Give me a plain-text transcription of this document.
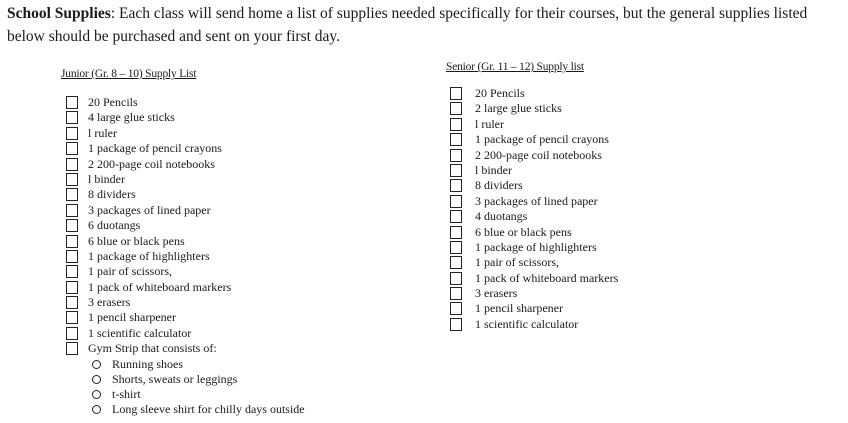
School Supplies: Each class will send home a list of supplies needed specifically for their courses, but the general supplies listed below should be purchased and sent on your first day.

Junior (Gr. 8 – 10) Supply List
20 Pencils
4 large glue sticks
l ruler
1 package of pencil crayons
2 200-page coil notebooks
l binder
8 dividers
3 packages of lined paper
6 duotangs
6 blue or black pens
1 package of highlighters
1 pair of scissors,
1 pack of whiteboard markers
3 erasers
1 pencil sharpener
1 scientific calculator
Gym Strip that consists of:
Running shoes
Shorts, sweats or leggings
t-shirt
Long sleeve shirt for chilly days outside
Senior (Gr. 11 – 12) Supply list
20 Pencils
2 large glue sticks
l ruler
1 package of pencil crayons
2 200-page coil notebooks
l binder
8 dividers
3 packages of lined paper
4 duotangs
6 blue or black pens
1 package of highlighters
1 pair of scissors,
1 pack of whiteboard markers
3 erasers
1 pencil sharpener
1 scientific calculator
